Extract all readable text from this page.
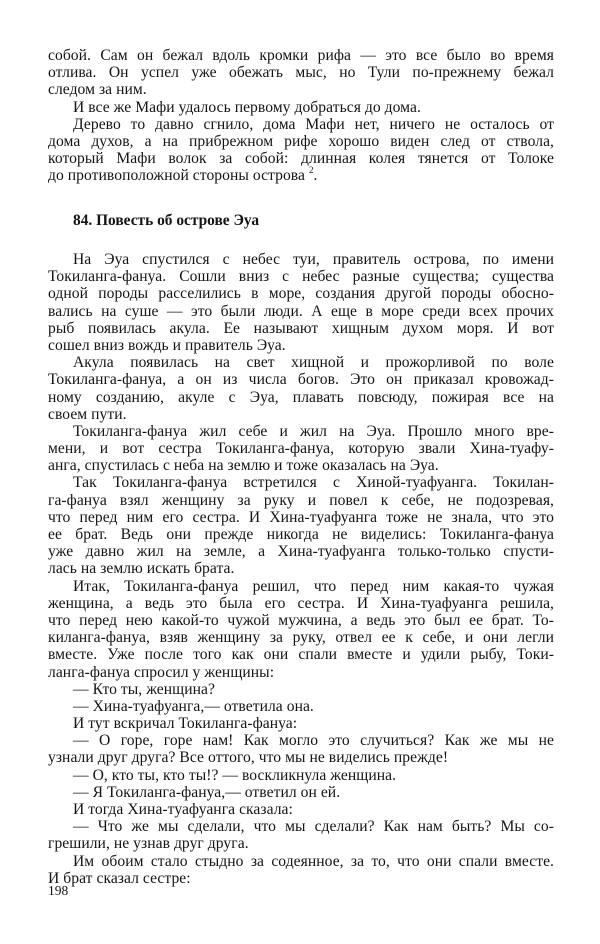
собой. Сам он бежал вдоль кромки рифа — это все было во время
отлива. Он успел уже обежать мыс, но Тули по-прежнему бежал
следом за ним.
И все же Мафи удалось первому добраться до дома.
Дерево то давно сгнило, дома Мафи нет, ничего не осталось от
дома духов, а на прибрежном рифе хорошо виден след от ствола,
который Мафи волок за собой: длинная колея тянется от Толоке
до противоположной стороны острова $^2$.
84. Повесть об острове Эуа
На Эуа спустился с небес туи, правитель острова, по имени
Токиланга-фануа. Сошли вниз с небес разные существа; существа
одной породы расселились в море, создания другой породы обосно-
вались на суше — это были люди. А еще в море среди всех прочих
рыб появилась акула. Ее называют хищным духом моря. И вот
сошел вниз вождь и правитель Эуа.
Акула появилась на свет хищной и прожорливой по воле
Токиланга-фануа, а он из числа богов. Это он приказал кровожад-
ному созданию, акуле с Эуа, плавать повсюду, пожирая все на
своем пути.
Токиланга-фануа жил себе и жил на Эуа. Прошло много вре-
мени, и вот сестра Токиланга-фануа, которую звали Хина-туафу-
анга, спустилась с неба на землю и тоже оказалась на Эуа.
Так Токиланга-фануа встретился с Хиной-туафуанга. Токилан-
га-фануа взял женщину за руку и повел к себе, не подозревая,
что перед ним его сестра. И Хина-туафуанга тоже не знала, что это
ее брат. Ведь они прежде никогда не виделись: Токиланга-фануа
уже давно жил на земле, а Хина-туафуанга только-только спусти-
лась на землю искать брата.
Итак, Токиланга-фануа решил, что перед ним какая-то чужая
женщина, а ведь это была его сестра. И Хина-туафуанга решила,
что перед нею какой-то чужой мужчина, а ведь это был ее брат. То-
киланга-фануа, взяв женщину за руку, отвел ее к себе, и они легли
вместе. Уже после того как они спали вместе и удили рыбу, Токи-
ланга-фануа спросил у женщины:
— Кто ты, женщина?
— Хина-туафуанга,— ответила она.
И тут вскричал Токиланга-фануа:
— О горе, горе нам! Как могло это случиться? Как же мы не
узнали друг друга? Все оттого, что мы не виделись прежде!
— О, кто ты, кто ты!? — воскликнула женщина.
— Я Токиланга-фануа,— ответил он ей.
И тогда Хина-туафуанга сказала:
— Что же мы сделали, что мы сделали? Как нам быть? Мы со-
грешили, не узнав друг друга.
Им обоим стало стыдно за содеянное, за то, что они спали вместе.
И брат сказал сестре:
198
